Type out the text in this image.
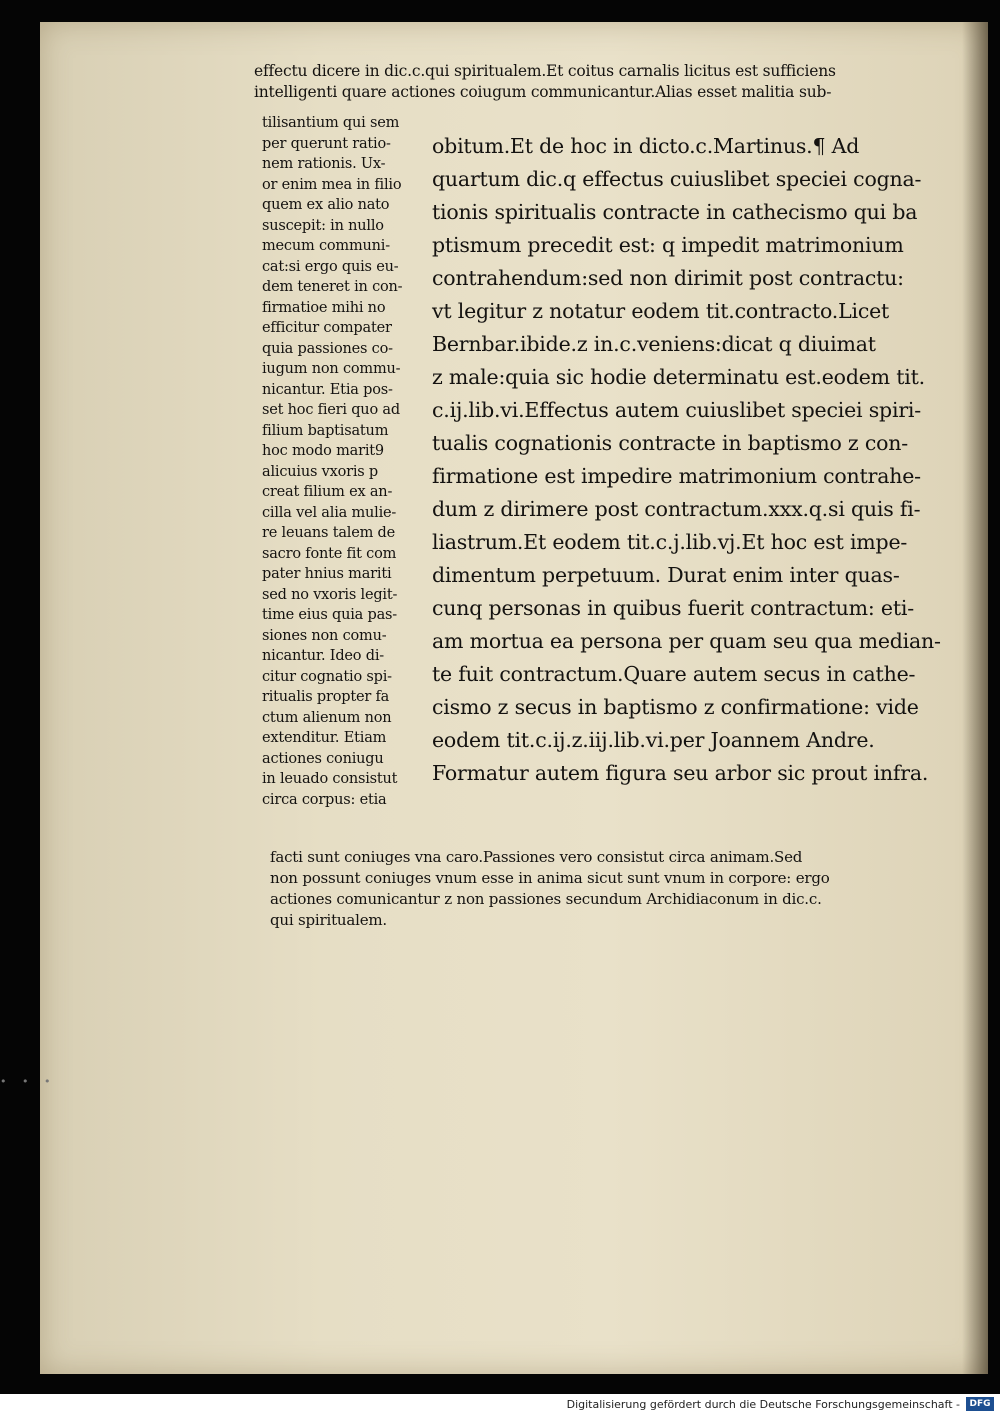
• • •
effectu dicere in dic.c.qui spiritualem.Et coitus carnalis licitus est sufficiens
intelligenti quare actiones coiugum communicantur.Alias esset malitia sub-
tilisantium qui sem
per querunt ratio-
nem rationis. Ux-
or enim mea in filio
quem ex alio nato
suscepit: in nullo
mecum communi-
cat:si ergo quis eu-
dem teneret in con-
firmatioe mihi no
efficitur compater
quia passiones co-
iugum non commu-
nicantur. Etia pos-
set hoc fieri quo ad
filium baptisatum
hoc modo marit9
alicuius vxoris p
creat filium ex an-
cilla vel alia mulie-
re leuans talem de
sacro fonte fit com
pater hnius mariti
sed no vxoris legit-
time eius quia pas-
siones non comu-
nicantur. Ideo di-
citur cognatio spi-
ritualis propter fa
ctum alienum non
extenditur. Etiam
actiones coniugu
in leuado consistut
circa corpus: etia
obitum.Et de hoc in dicto.c.Martinus.¶ Ad
quartum dic.q effectus cuiuslibet speciei cogna-
tionis spiritualis contracte in cathecismo qui ba
ptismum precedit est: q impedit matrimonium
contrahendum:sed non dirimit post contractu:
vt legitur z notatur eodem tit.contracto.Licet
Bernbar.ibide.z in.c.veniens:dicat q diuimat
z male:quia sic hodie determinatu est.eodem tit.
c.ij.lib.vi.Effectus autem cuiuslibet speciei spiri-
tualis cognationis contracte in baptismo z con-
firmatione est impedire matrimonium contrahe-
dum z dirimere post contractum.xxx.q.si quis fi-
liastrum.Et eodem tit.c.j.lib.vj.Et hoc est impe-
dimentum perpetuum. Durat enim inter quas-
cunq personas in quibus fuerit contractum: eti-
am mortua ea persona per quam seu qua median-
te fuit contractum.Quare autem secus in cathe-
cismo z secus in baptismo z confirmatione: vide
eodem tit.c.ij.z.iij.lib.vi.per Joannem Andre.
Formatur autem figura seu arbor sic prout infra.
facti sunt coniuges vna caro.Passiones vero consistut circa animam.Sed
non possunt coniuges vnum esse in anima sicut sunt vnum in corpore: ergo
actiones comunicantur z non passiones secundum Archidiaconum in dic.c.
qui spiritualem.
Digitalisierung gefördert durch die Deutsche Forschungsgemeinschaft -	DFG
